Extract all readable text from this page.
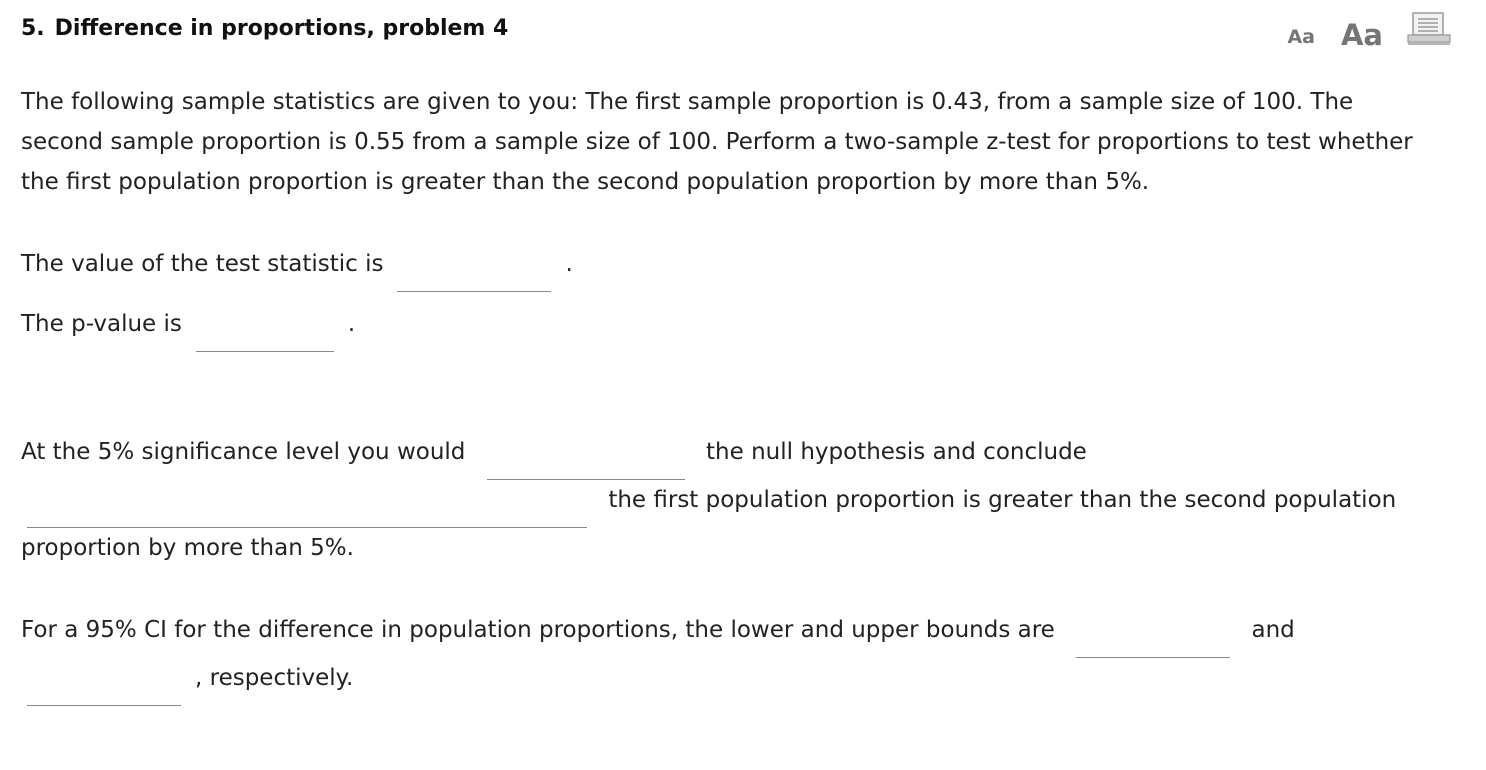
5. Difference in proportions, problem 4	Aa Aa

The following sample statistics are given to you: The first sample proportion is 0.43, from a sample size of 100. The second sample proportion is 0.55 from a sample size of 100. Perform a two-sample z-test for proportions to test whether the first population proportion is greater than the second population proportion by more than 5%.

The value of the test statistic is	.
The p-value is	.

At the 5% significance level you would	the null hypothesis and conclude  the first population proportion is greater than the second population proportion by more than 5%.

For a 95% CI for the difference in population proportions, the lower and upper bounds are	and , respectively.
